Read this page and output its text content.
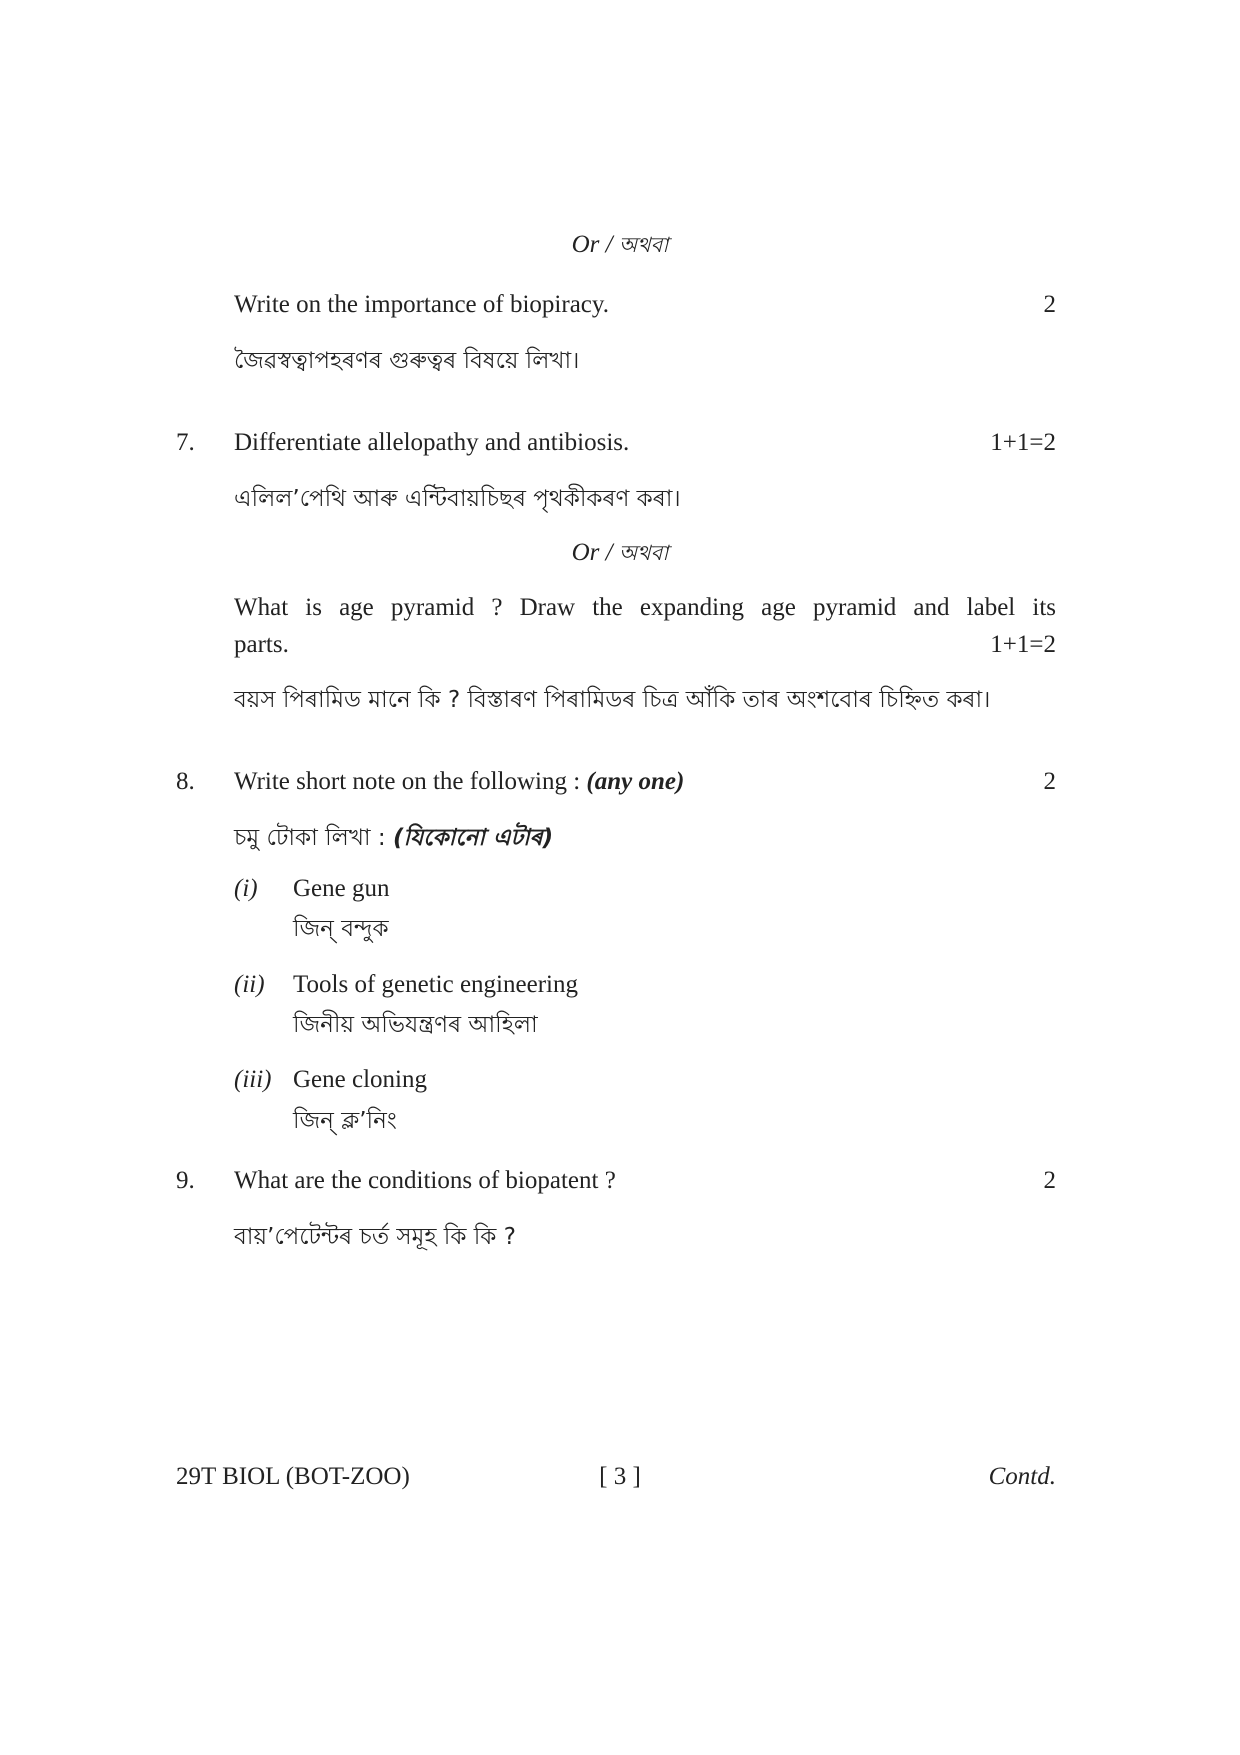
Or / অথবা
Write on the importance of biopiracy.	2
জৈৱস্বত্বাপহৰণৰ গুৰুত্বৰ বিষয়ে লিখা।
7. Differentiate allelopathy and antibiosis.	1+1=2
এলিল’পেথি আৰু এন্টিবায়চিছৰ পৃথকীকৰণ কৰা।
Or / অথবা
What is age pyramid ? Draw the expanding age pyramid and label its
parts.	1+1=2
বয়স পিৰামিড মানে কি ? বিস্তাৰণ পিৰামিডৰ চিত্ৰ আঁকি তাৰ অংশবোৰ চিহ্নিত কৰা।
8. Write short note on the following : (any one)	2
চমু টোকা লিখা : (যিকোনো এটাৰ)
(i) Gene gun
জিন্ বন্দুক
(ii) Tools of genetic engineering
জিনীয় অভিযন্ত্ৰণৰ আহিলা
(iii) Gene cloning
জিন্ ক্ল’নিং
9. What are the conditions of biopatent ?	2
বায়’পেটেন্টৰ চৰ্ত সমূহ কি কি ?
29T BIOL (BOT-ZOO)	[ 3 ]	Contd.
